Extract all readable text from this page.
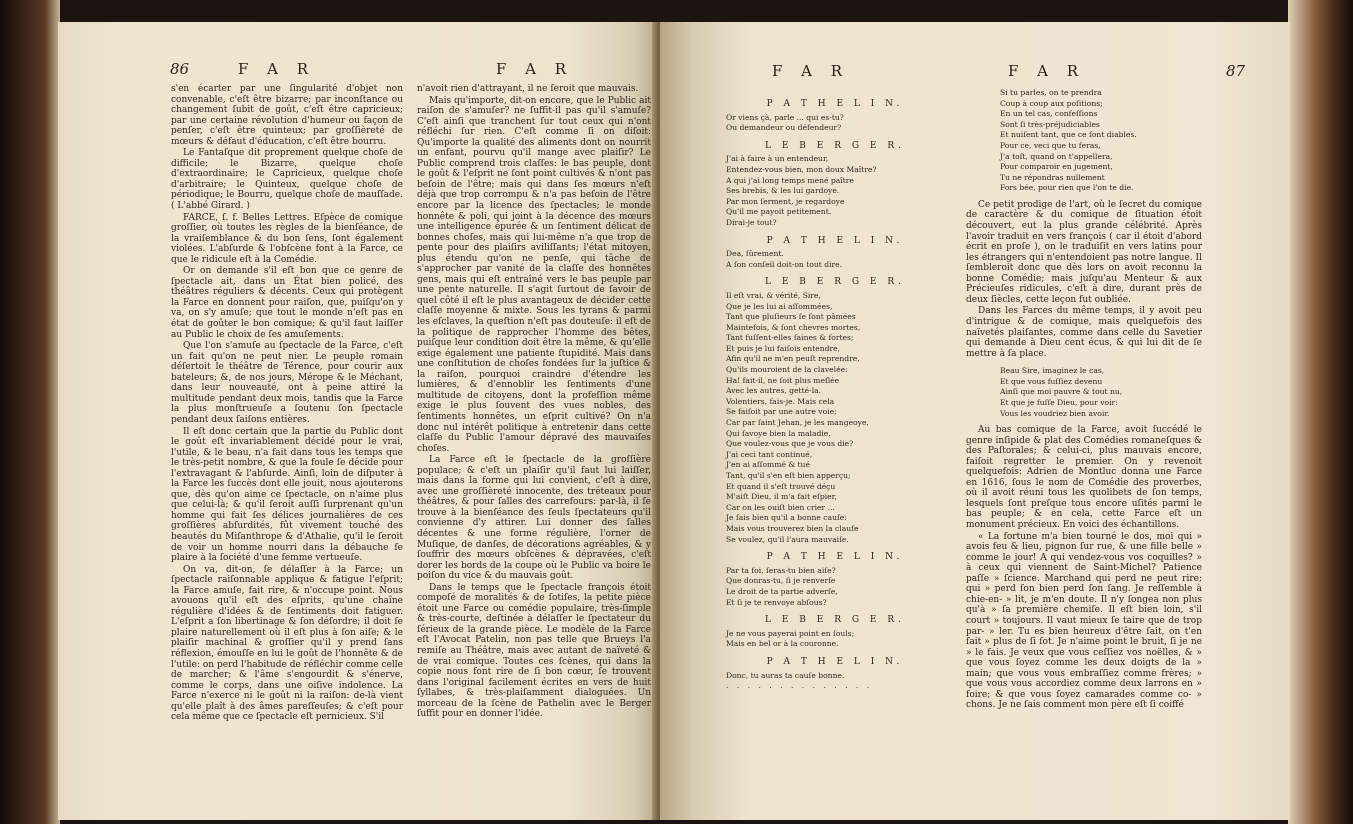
86	F A R	F A R

s'en écarter par une ſingularité d'objet non convenable, c'eſt être bizarre; par inconſtance ou changement ſubit de goût, c'eſt être capricieux; par une certaine révolution d'humeur ou façon de penſer, c'eſt être quinteux; par groſſièreté de mœurs & défaut d'éducation, c'eſt être bourru.

Le Fantaſque dit proprement quelque choſe de difficile; le Bizarre, quelque choſe d'extraordinaire; le Capricieux, quelque choſe d'arbitraire; le Quinteux, quelque choſe de périodique; le Bourru, quelque choſe de mauſſade. ( L'abbé Girard. )

FARCE, ſ. f. Belles Lettres. Eſpèce de comique groſſier, où toutes les règles de la bienſéance, de la vraiſemblance & du bon ſens, ſont également violées. L'abſurde & l'obſcène font à la Farce, ce que le ridicule eſt à la Comédie.

Or on demande s'il eſt bon que ce genre de ſpectacle ait, dans un État bien policé, des théâtres réguliers & décents. Ceux qui protègent la Farce en donnent pour raiſon, que, puiſqu'on y va, on s'y amuſe; que tout le monde n'eſt pas en état de goûter le bon comique; & qu'il faut laiſſer au Public le choix de ſes amuſements.

Que l'on s'amuſe au ſpectacle de la Farce, c'eſt un fait qu'on ne peut nier. Le peuple romain déſertoit le théâtre de Térence, pour courir aux bateleurs; &, de nos jours, Mérope & le Méchant, dans leur nouveauté, ont à peine attiré la multitude pendant deux mois, tandis que la Farce la plus monſtrueuſe a ſoutenu ſon ſpectacle pendant deux ſaiſons entières.

Il eſt donc certain que la partie du Public dont le goût eſt invariablement décidé pour le vrai, l'utile, & le beau, n'a fait dans tous les temps que le très-petit nombre, & que la foule ſe décide pour l'extravagant & l'abſurde. Ainſi, loin de diſputer à la Farce les ſuccès dont elle jouit, nous ajouterons que, dès qu'on aime ce ſpectacle, on n'aime plus que celui-là; & qu'il ſeroit auſſi ſurprenant qu'un homme qui fait ſes délices journalières de ces groſſières abſurdités, fût vivement touché des beautés du Miſanthrope & d'Athalie, qu'il le ſeroit de voir un homme nourri dans la débauche ſe plaire à la ſociété d'une femme vertueuſe.

On va, dit-on, ſe délaſſer à la Farce; un ſpectacle raiſonnable applique & fatigue l'eſprit; la Farce amuſe, fait rire, & n'occupe point. Nous avouons qu'il eſt des eſprits, qu'une chaîne régulière d'idées & de ſentiments doit fatiguer. L'eſprit a ſon libertinage & ſon déſordre; il doit ſe plaire naturellement où il eſt plus à ſon aiſe; & le plaiſir machinal & groſſier qu'il y prend ſans réflexion, émouſſe en lui le goût de l'honnête & de l'utile: on perd l'habitude de réfléchir comme celle de marcher; & l'âme s'engourdit & s'énerve, comme le corps, dans une oiſive indolence. La Farce n'exerce ni le goût ni la raiſon: de-là vient qu'elle plaît à des âmes pareſſeuſes; & c'eſt pour cela même que ce ſpectacle eſt pernicieux. S'il

n'avoit rien d'attrayant, il ne ſeroit que mauvais.

Mais qu'importe, dit-on encore, que le Public ait raiſon de s'amuſer? ne ſuffit-il pas qu'il s'amuſe? C'eſt ainſi que tranchent ſur tout ceux qui n'ont réfléchi ſur rien. C'eſt comme ſi on diſoit: Qu'importe la qualité des aliments dont on nourrit un enfant, pourvu qu'il mange avec plaiſir? Le Public comprend trois claſſes: le bas peuple, dont le goût & l'eſprit ne ſont point cultivés & n'ont pas beſoin de l'être; mais qui dans ſes mœurs n'eſt déjà que trop corrompu & n'a pas beſoin de l'être encore par la licence des ſpectacles; le monde honnête & poli, qui joint à la décence des mœurs une intelligence épurée & un ſentiment délicat de bonnes choſes, mais qui lui-même n'a que trop de pente pour des plaiſirs aviliſſants; l'état mitoyen, plus étendu qu'on ne penſe, qui tâche de s'approcher par vanité de la claſſe des honnêtes gens, mais qui eſt entraîné vers le bas peuple par une pente naturelle. Il s'agit ſurtout de ſavoir de quel côté il eſt le plus avantageux de décider cette claſſe moyenne & mixte. Sous les tyrans & parmi les eſclaves, la queſtion n'eſt pas douteuſe: il eſt de la politique de rapprocher l'homme des bêtes, puiſque leur condition doit être la même, & qu'elle exige également une patiente ſtupidité. Mais dans une conſtitution de choſes fondées ſur la juſtice & la raiſon, pourquoi craindre d'étendre les lumières, & d'ennoblir les ſentiments d'une multitude de citoyens, dont la profeſſion même exige le plus ſouvent des vues nobles, des ſentiments honnêtes, un eſprit cultivé? On n'a donc nul intérêt politique à entretenir dans cette claſſe du Public l'amour dépravé des mauvaiſes choſes.

La Farce eſt le ſpectacle de la groſſière populace; & c'eſt un plaiſir qu'il faut lui laiſſer, mais dans la forme qui lui convient, c'eſt à dire, avec une groſſièreté innocente, des tréteaux pour théâtres, & pour ſalles des carrefours: par-là, il ſe trouve à la bienſéance des ſeuls ſpectateurs qu'il convienne d'y attirer. Lui donner des ſalles décentes & une forme régulière, l'orner de Muſique, de danſes, de décorations agréables, & y ſouffrir des mœurs obſcènes & dépravées, c'eſt dorer les bords de la coupe où le Public va boire le poiſon du vice & du mauvais goût.

Dans le temps que le ſpectacle françois étoit compoſé de moralités & de ſotiſes, la petite pièce étoit une Farce ou comédie populaire, très-ſimple & très-courte, deſtinée à délaſſer le ſpectateur du ſérieux de la grande pièce. Le modèle de la Farce eſt l'Avocat Patelin, non pas telle que Brueys l'a remiſe au Théâtre, mais avec autant de naïveté & de vrai comique. Toutes ces ſcènes, qui dans la copie nous font rire de ſi bon cœur, ſe trouvent dans l'original facilement écrites en vers de huit ſyllabes, & très-plaiſamment dialoguées. Un morceau de la ſcène de Pathelin avec le Berger ſuffit pour en donner l'idée.

F A R	F A R	87
P A T H E L I N.
Or viens çà, parle ... qui es-tu?
Ou demandeur ou défendeur?
L E B E R G E R.
J'ai à faire à un entendeur,
Entendez-vous bien, mon doux Maître?
A qui j'ai long temps mené paître
Ses brebis, & les lui gardoye.
Par mon ſerment, je regardoye
Qu'il me payoit petitement.
Dirai-je tout?
P A T H E L I N.
Dea, ſûrement.
A ſon conſeil doit-on tout dire.
L E B E R G E R.
Il eſt vrai, & vérité, Sire,
Que je les lui ai aſſommées,
Tant que pluſieurs ſe ſont pâmées
Maintefois, & ſont chevres mortes,
Tant fuſſent-elles ſaines & fortes;
Et puis je lui faiſois entendre,
Afin qu'il ne m'en peuſt reprendre,
Qu'ils mouroient de la clavelée:
Ha! fait-il, ne ſoit plus meſlée
Avec les autres, getté-la.
Volentiers, fais-je. Mais cela
Se faiſoit par une autre voie;
Car par ſaint Jehan, je les mangeoye,
Qui ſavoye bien la maladie.
Que voulez-vous que je vous die?
J'ai ceci tant continué,
J'en ai aſſommé & tué
Tant, qu'il s'en eſt bien apperçu;
Et quand il s'eſt trouvé déçu
M'aiſt Dieu, il m'a fait eſpier,
Car on les ouiſt bien crier ...
Je ſais bien qu'il a bonne cauſe:
Mais vous trouverez bien la clauſe
Se voulez, qu'il l'aura mauvaiſe.
P A T H E L I N.
Par ta foi, ſeras-tu bien aiſe?
Que donras-tu, ſi je renverſe
Le droit de ta partie adverſe,
Et ſi je te renvoye abſous?
L E B E R G E R.
Je ne vous payerai point en ſouls;
Mais en bel or à la couronne.
P A T H E L I N.
Donc, tu auras ta cauſe bonne.
. . . . . . . . . . . . . .
Si tu parles, on te prendra
Coup à coup aux poſitions;
En un tel cas, confeſſions
Sont ſi très-préjudiciables
Et nuiſent tant, que ce ſont diables.
Pour ce, veci que tu feras,
J'a toſt, quand on t'appellera,
Pour comparoir en jugement,
Tu ne répondras nullement
Fors bée, pour rien que l'on te die.

Ce petit prodige de l'art, où le ſecret du comique de caractère & du comique de ſituation étoit découvert, eut la plus grande célébrité. Après l'avoir traduit en vers françois ( car il étoit d'abord écrit en proſe ), on le traduiſit en vers latins pour les étrangers qui n'entendoient pas notre langue. Il ſembleroit donc que dès lors on avoit reconnu la bonne Comédie; mais juſqu'au Menteur & aux Précieuſes ridicules, c'eſt à dire, durant près de deux ſiècles, cette leçon fut oubliée.

Dans les Farces du même temps, il y avoit peu d'intrigue & de comique, mais quelquefois des naïvetés plaiſantes, comme dans celle du Savetier qui demande à Dieu cent écus, & qui lui dit de ſe mettre à ſa place.

Beau Sire, imaginez le cas,
Et que vous fuſſiez devenu
Ainſi que moi pauvre & tout nu,
Et que je fuſſe Dieu, pour voir:
Vous les voudriez bien avoir.

Au bas comique de la Farce, avoit ſuccédé le genre inſipide & plat des Comédies romaneſques & des Paſtorales; & celui-ci, plus mauvais encore, faiſoit regretter le premier. On y revenoit quelquefois: Adrien de Montluc donna une Farce en 1616, ſous le nom de Comédie des proverbes, où il avoit réuni tous les quolibets de ſon temps, lesquels ſont preſque tous encore uſités parmi le bas peuple; & en cela, cette Farce eſt un monument précieux. En voici des échantillons.

« La fortune m'a bien tourné le dos, moi qui » avois feu & lieu, pignon ſur rue, & une fille belle » comme le jour! A qui vendez-vous vos coquilles? » à ceux qui viennent de Saint-Michel? Patience paſſe » ſcience. Marchand qui perd ne peut rire; qui » perd ſon bien perd ſon ſang. Je reſſemble à chie-en- » lit, je m'en doute. Il n'y ſongea non plus qu'à » ſa première chemiſe. Il eſt bien loin, s'il court » toujours. Il vaut mieux ſe taire que de trop par- » ler. Tu es bien heureux d'être ſait, on t'en ſait » plus de ſi ſot. Je n'aime point le bruit, ſi je ne » le fais. Je veux que vous ceſſiez vos noëlles, & » que vous ſoyez comme les deux doigts de la » main; que vous vous embraſſiez comme frères; » que vous vous accordiez comme deux larrons en » foire; & que vous ſoyez camarades comme co- » chons. Je ne ſais comment mon père eſt ſi coiffé
